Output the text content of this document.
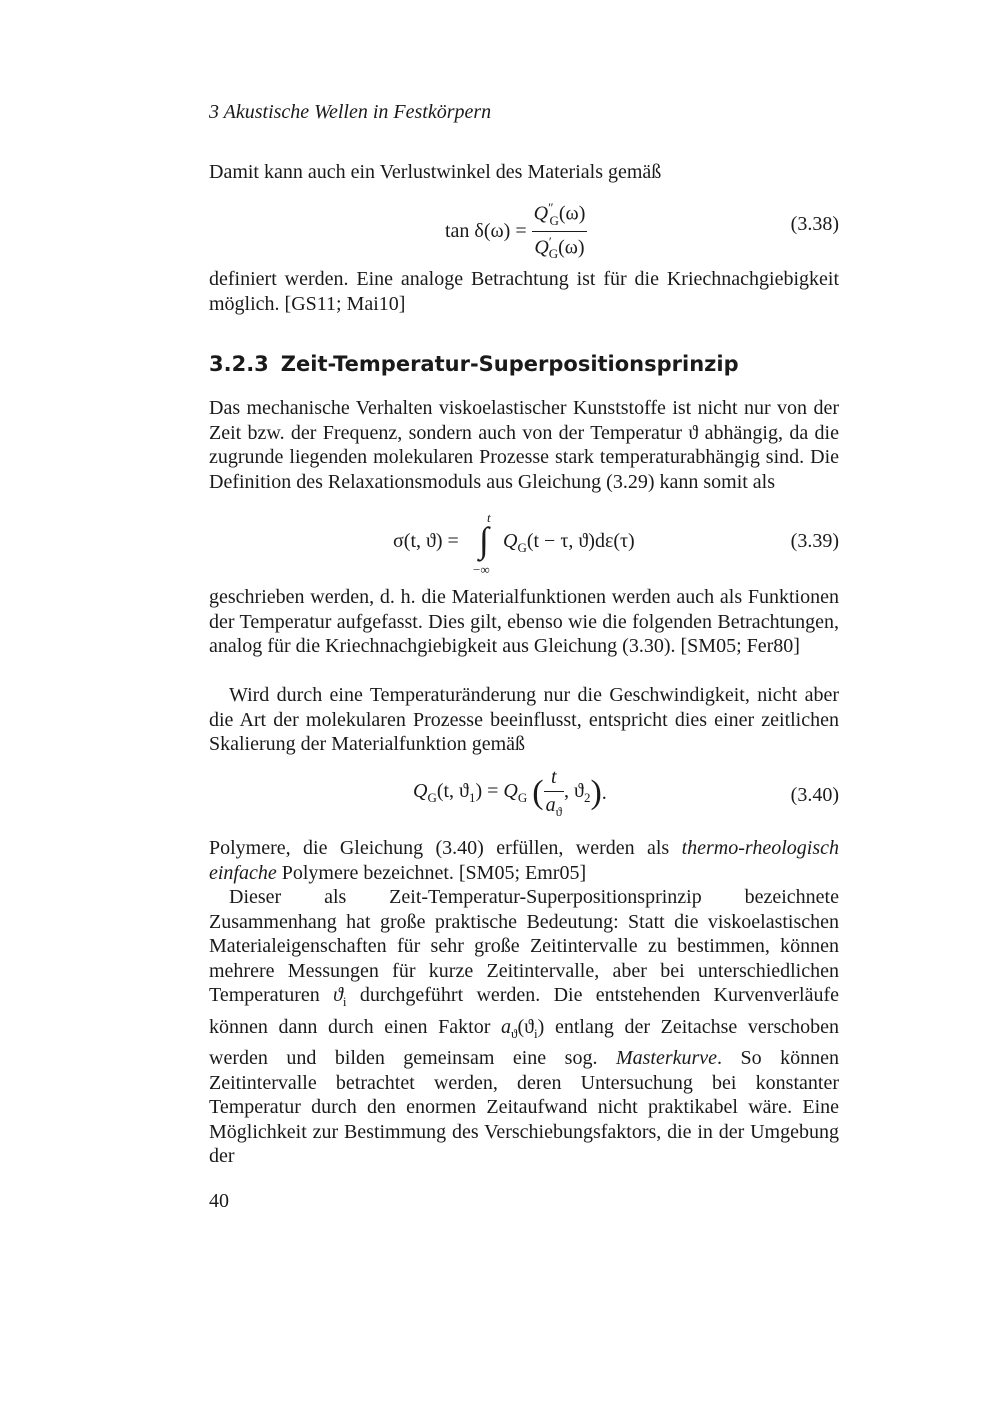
3 Akustische Wellen in Festkörpern
Damit kann auch ein Verlustwinkel des Materials gemäß
$\tan \delta(\omega) = \frac{Q''_G(\omega)}{Q'_G(\omega)}$	(3.38)
definiert werden. Eine analoge Betrachtung ist für die Kriechnachgiebigkeit möglich. [GS11; Mai10]
3.2.3 Zeit-Temperatur-Superpositionsprinzip
Das mechanische Verhalten viskoelastischer Kunststoffe ist nicht nur von der Zeit bzw. der Frequenz, sondern auch von der Temperatur ϑ abhängig, da die zugrunde liegenden molekularen Prozesse stark temperaturabhängig sind. Die Definition des Relaxationsmoduls aus Gleichung (3.29) kann somit als
σ(t, ϑ) =
t
∫
−∞
$Q_G(t - \tau$, ϑ)dε(τ)	(3.39)
geschrieben werden, d. h. die Materialfunktionen werden auch als Funktionen der Temperatur aufgefasst. Dies gilt, ebenso wie die folgenden Betrachtungen, analog für die Kriechnachgiebigkeit aus Gleichung (3.30). [SM05; Fer80]
Wird durch eine Temperaturänderung nur die Geschwindigkeit, nicht aber die Art der molekularen Prozesse beeinflusst, entspricht dies einer zeitlichen Skalierung der Materialfunktion gemäß
$Q_G(t$, $ϑ_1) = Q_G$ ( $\frac{t}{a_ϑ}$ , $ϑ_2$).	(3.40)
Polymere, die Gleichung (3.40) erfüllen, werden als thermo-rheologisch einfache Polymere bezeichnet. [SM05; Emr05]
Dieser als Zeit-Temperatur-Superpositionsprinzip bezeichnete Zusammenhang hat große praktische Bedeutung: Statt die viskoelastischen Materialeigenschaften für sehr große Zeitintervalle zu bestimmen, können mehrere Messungen für kurze Zeitintervalle, aber bei unterschiedlichen Temperaturen $ϑ_i$ durchgeführt werden. Die entstehenden Kurvenverläufe können dann durch einen Faktor $a_ϑ(ϑ_i)$ entlang der Zeitachse verschoben werden und bilden gemeinsam eine sog. Masterkurve. So können Zeitintervalle betrachtet werden, deren Untersuchung bei konstanter Temperatur durch den enormen Zeitaufwand nicht praktikabel wäre. Eine Möglichkeit zur Bestimmung des Verschiebungsfaktors, die in der Umgebung der
40
